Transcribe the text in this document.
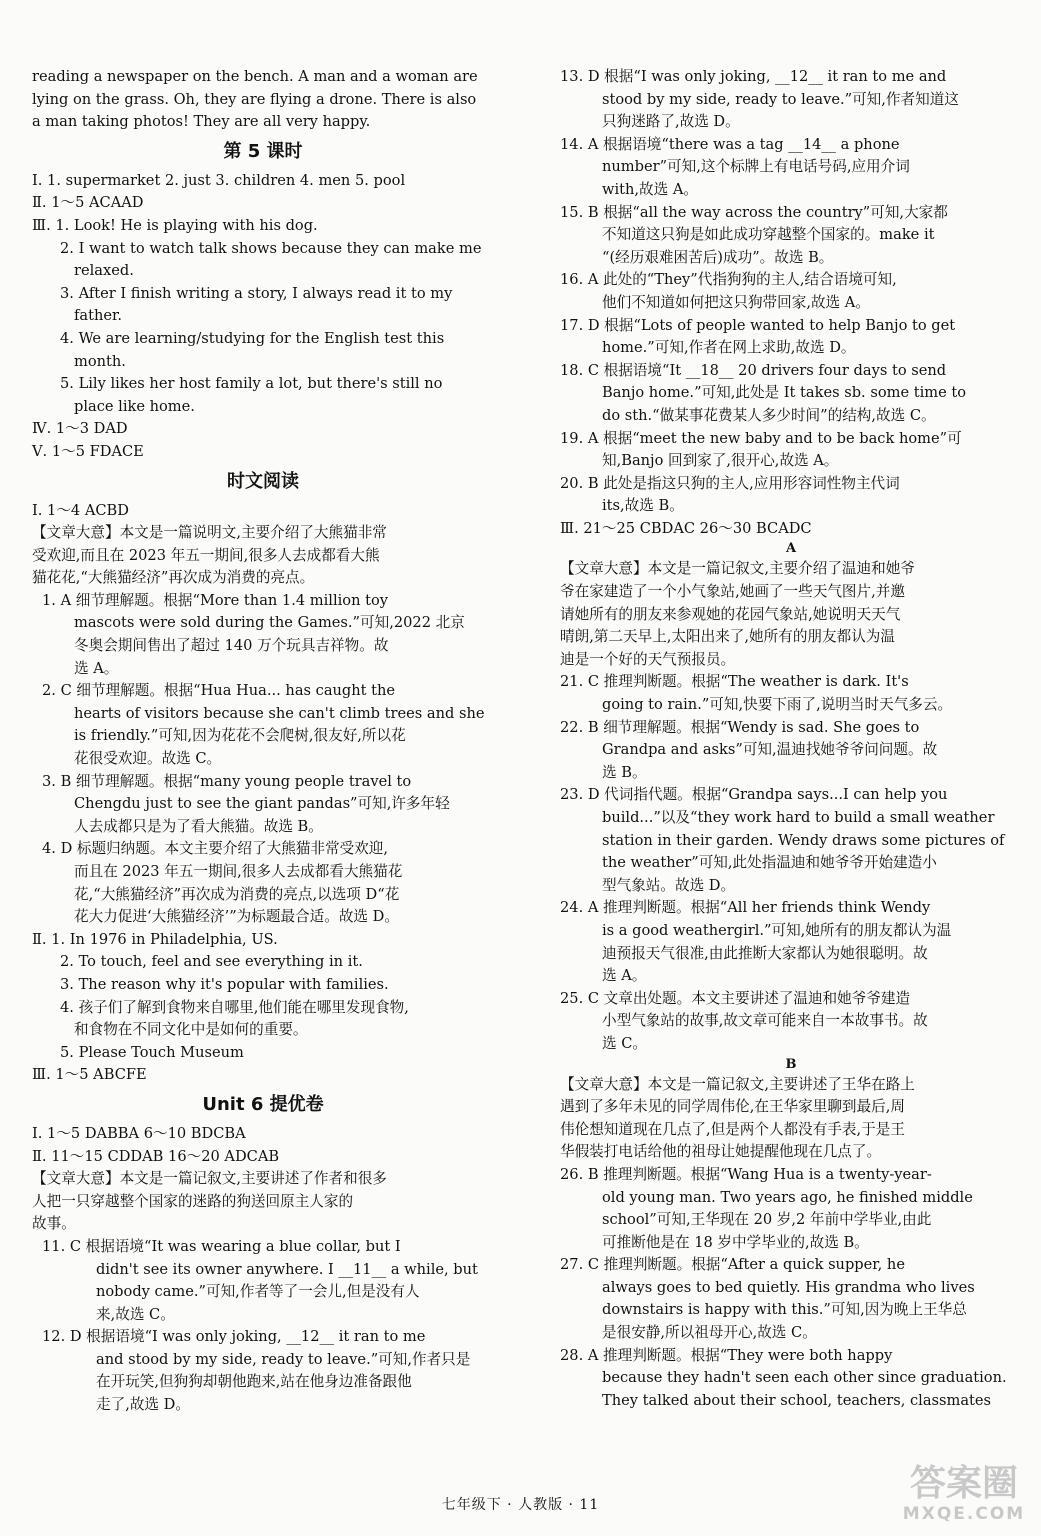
reading a newspaper on the bench. A man and a woman are
lying on the grass. Oh, they are flying a drone. There is also
a man taking photos! They are all very happy.
第 5 课时
Ⅰ. 1. supermarket 2. just 3. children 4. men 5. pool
Ⅱ. 1～5 ACAAD
Ⅲ. 1. Look! He is playing with his dog.
2. I want to watch talk shows because they can make me
relaxed.
3. After I finish writing a story, I always read it to my
father.
4. We are learning/studying for the English test this
month.
5. Lily likes her host family a lot, but there's still no
place like home.
Ⅳ. 1～3 DAD
Ⅴ. 1～5 FDACE
时文阅读
Ⅰ. 1～4 ACBD
【文章大意】本文是一篇说明文,主要介绍了大熊猫非常
受欢迎,而且在 2023 年五一期间,很多人去成都看大熊
猫花花,“大熊猫经济”再次成为消费的亮点。
1. A 细节理解题。根据“More than 1.4 million toy
mascots were sold during the Games.”可知,2022 北京
冬奥会期间售出了超过 140 万个玩具吉祥物。故
选 A。
2. C 细节理解题。根据“Hua Hua... has caught the
hearts of visitors because she can't climb trees and she
is friendly.”可知,因为花花不会爬树,很友好,所以花
花很受欢迎。故选 C。
3. B 细节理解题。根据“many young people travel to
Chengdu just to see the giant pandas”可知,许多年轻
人去成都只是为了看大熊猫。故选 B。
4. D 标题归纳题。本文主要介绍了大熊猫非常受欢迎,
而且在 2023 年五一期间,很多人去成都看大熊猫花
花,“大熊猫经济”再次成为消费的亮点,以选项 D“花
花大力促进‘大熊猫经济’”为标题最合适。故选 D。
Ⅱ. 1. In 1976 in Philadelphia, US.
2. To touch, feel and see everything in it.
3. The reason why it's popular with families.
4. 孩子们了解到食物来自哪里,他们能在哪里发现食物,
和食物在不同文化中是如何的重要。
5. Please Touch Museum
Ⅲ. 1～5 ABCFE
Unit 6 提优卷
Ⅰ. 1～5 DABBA 6～10 BDCBA
Ⅱ. 11～15 CDDAB 16～20 ADCAB
【文章大意】本文是一篇记叙文,主要讲述了作者和很多
人把一只穿越整个国家的迷路的狗送回原主人家的
故事。
11. C 根据语境“It was wearing a blue collar, but I
didn't see its owner anywhere. I __11__ a while, but
nobody came.”可知,作者等了一会儿,但是没有人
来,故选 C。
12. D 根据语境“I was only joking, __12__ it ran to me
and stood by my side, ready to leave.”可知,作者只是
在开玩笑,但狗狗却朝他跑来,站在他身边准备跟他
走了,故选 D。
13. D 根据“I was only joking, __12__ it ran to me and
stood by my side, ready to leave.”可知,作者知道这
只狗迷路了,故选 D。
14. A 根据语境“there was a tag __14__ a phone
number”可知,这个标牌上有电话号码,应用介词
with,故选 A。
15. B 根据“all the way across the country”可知,大家都
不知道这只狗是如此成功穿越整个国家的。make it
“(经历艰难困苦后)成功”。故选 B。
16. A 此处的“They”代指狗狗的主人,结合语境可知,
他们不知道如何把这只狗带回家,故选 A。
17. D 根据“Lots of people wanted to help Banjo to get
home.”可知,作者在网上求助,故选 D。
18. C 根据语境“It __18__ 20 drivers four days to send
Banjo home.”可知,此处是 It takes sb. some time to
do sth.“做某事花费某人多少时间”的结构,故选 C。
19. A 根据“meet the new baby and to be back home”可
知,Banjo 回到家了,很开心,故选 A。
20. B 此处是指这只狗的主人,应用形容词性物主代词
its,故选 B。
Ⅲ. 21～25 CBDAC 26～30 BCADC
A
【文章大意】本文是一篇记叙文,主要介绍了温迪和她爷
爷在家建造了一个小气象站,她画了一些天气图片,并邀
请她所有的朋友来参观她的花园气象站,她说明天天气
晴朗,第二天早上,太阳出来了,她所有的朋友都认为温
迪是一个好的天气预报员。
21. C 推理判断题。根据“The weather is dark. It's
going to rain.”可知,快要下雨了,说明当时天气多云。
22. B 细节理解题。根据“Wendy is sad. She goes to
Grandpa and asks”可知,温迪找她爷爷问问题。故
选 B。
23. D 代词指代题。根据“Grandpa says...I can help you
build...”以及“they work hard to build a small weather
station in their garden. Wendy draws some pictures of
the weather”可知,此处指温迪和她爷爷开始建造小
型气象站。故选 D。
24. A 推理判断题。根据“All her friends think Wendy
is a good weathergirl.”可知,她所有的朋友都认为温
迪预报天气很准,由此推断大家都认为她很聪明。故
选 A。
25. C 文章出处题。本文主要讲述了温迪和她爷爷建造
小型气象站的故事,故文章可能来自一本故事书。故
选 C。
B
【文章大意】本文是一篇记叙文,主要讲述了王华在路上
遇到了多年未见的同学周伟伦,在王华家里聊到最后,周
伟伦想知道现在几点了,但是两个人都没有手表,于是王
华假装打电话给他的祖母让她提醒他现在几点了。
26. B 推理判断题。根据“Wang Hua is a twenty-year-
old young man. Two years ago, he finished middle
school”可知,王华现在 20 岁,2 年前中学毕业,由此
可推断他是在 18 岁中学毕业的,故选 B。
27. C 推理判断题。根据“After a quick supper, he
always goes to bed quietly. His grandma who lives
downstairs is happy with this.”可知,因为晚上王华总
是很安静,所以祖母开心,故选 C。
28. A 推理判断题。根据“They were both happy
because they hadn't seen each other since graduation.
They talked about their school, teachers, classmates
七年级下 · 人教版 · 11
答案圈
MXQE.COM
